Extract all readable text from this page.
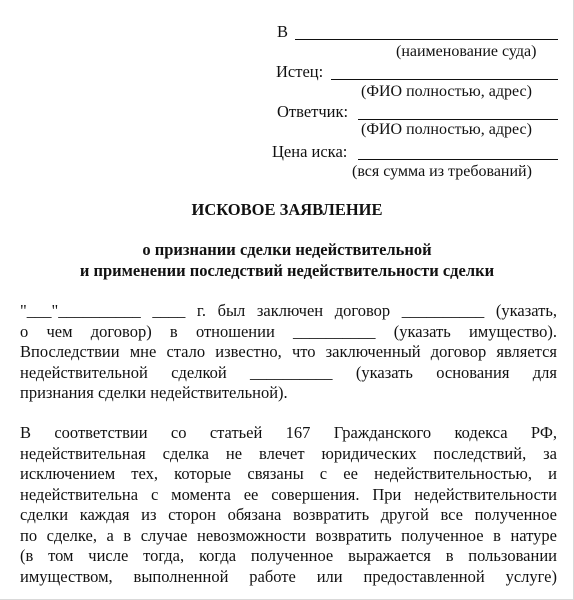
В
(наименование суда)
Истец:
(ФИО полностью, адрес)
Ответчик:
(ФИО полностью, адрес)
Цена иска:
(вся сумма из требований)
ИСКОВОЕ ЗАЯВЛЕНИЕ
о признании сделки недействительной
и применении последствий недействительности сделки
"___"__________ ____ г. был заключен договор __________ (указать,
о чем договор) в отношении __________ (указать имущество).
Впоследствии мне стало известно, что заключенный договор является
недействительной сделкой __________ (указать основания для
признания сделки недействительной).
В соответствии со статьей 167 Гражданского кодекса РФ,
недействительная сделка не влечет юридических последствий, за
исключением тех, которые связаны с ее недействительностью, и
недействительна с момента ее совершения. При недействительности
сделки каждая из сторон обязана возвратить другой все полученное
по сделке, а в случае невозможности возвратить полученное в натуре
(в том числе тогда, когда полученное выражается в пользовании
имуществом, выполненной работе или предоставленной услуге)
